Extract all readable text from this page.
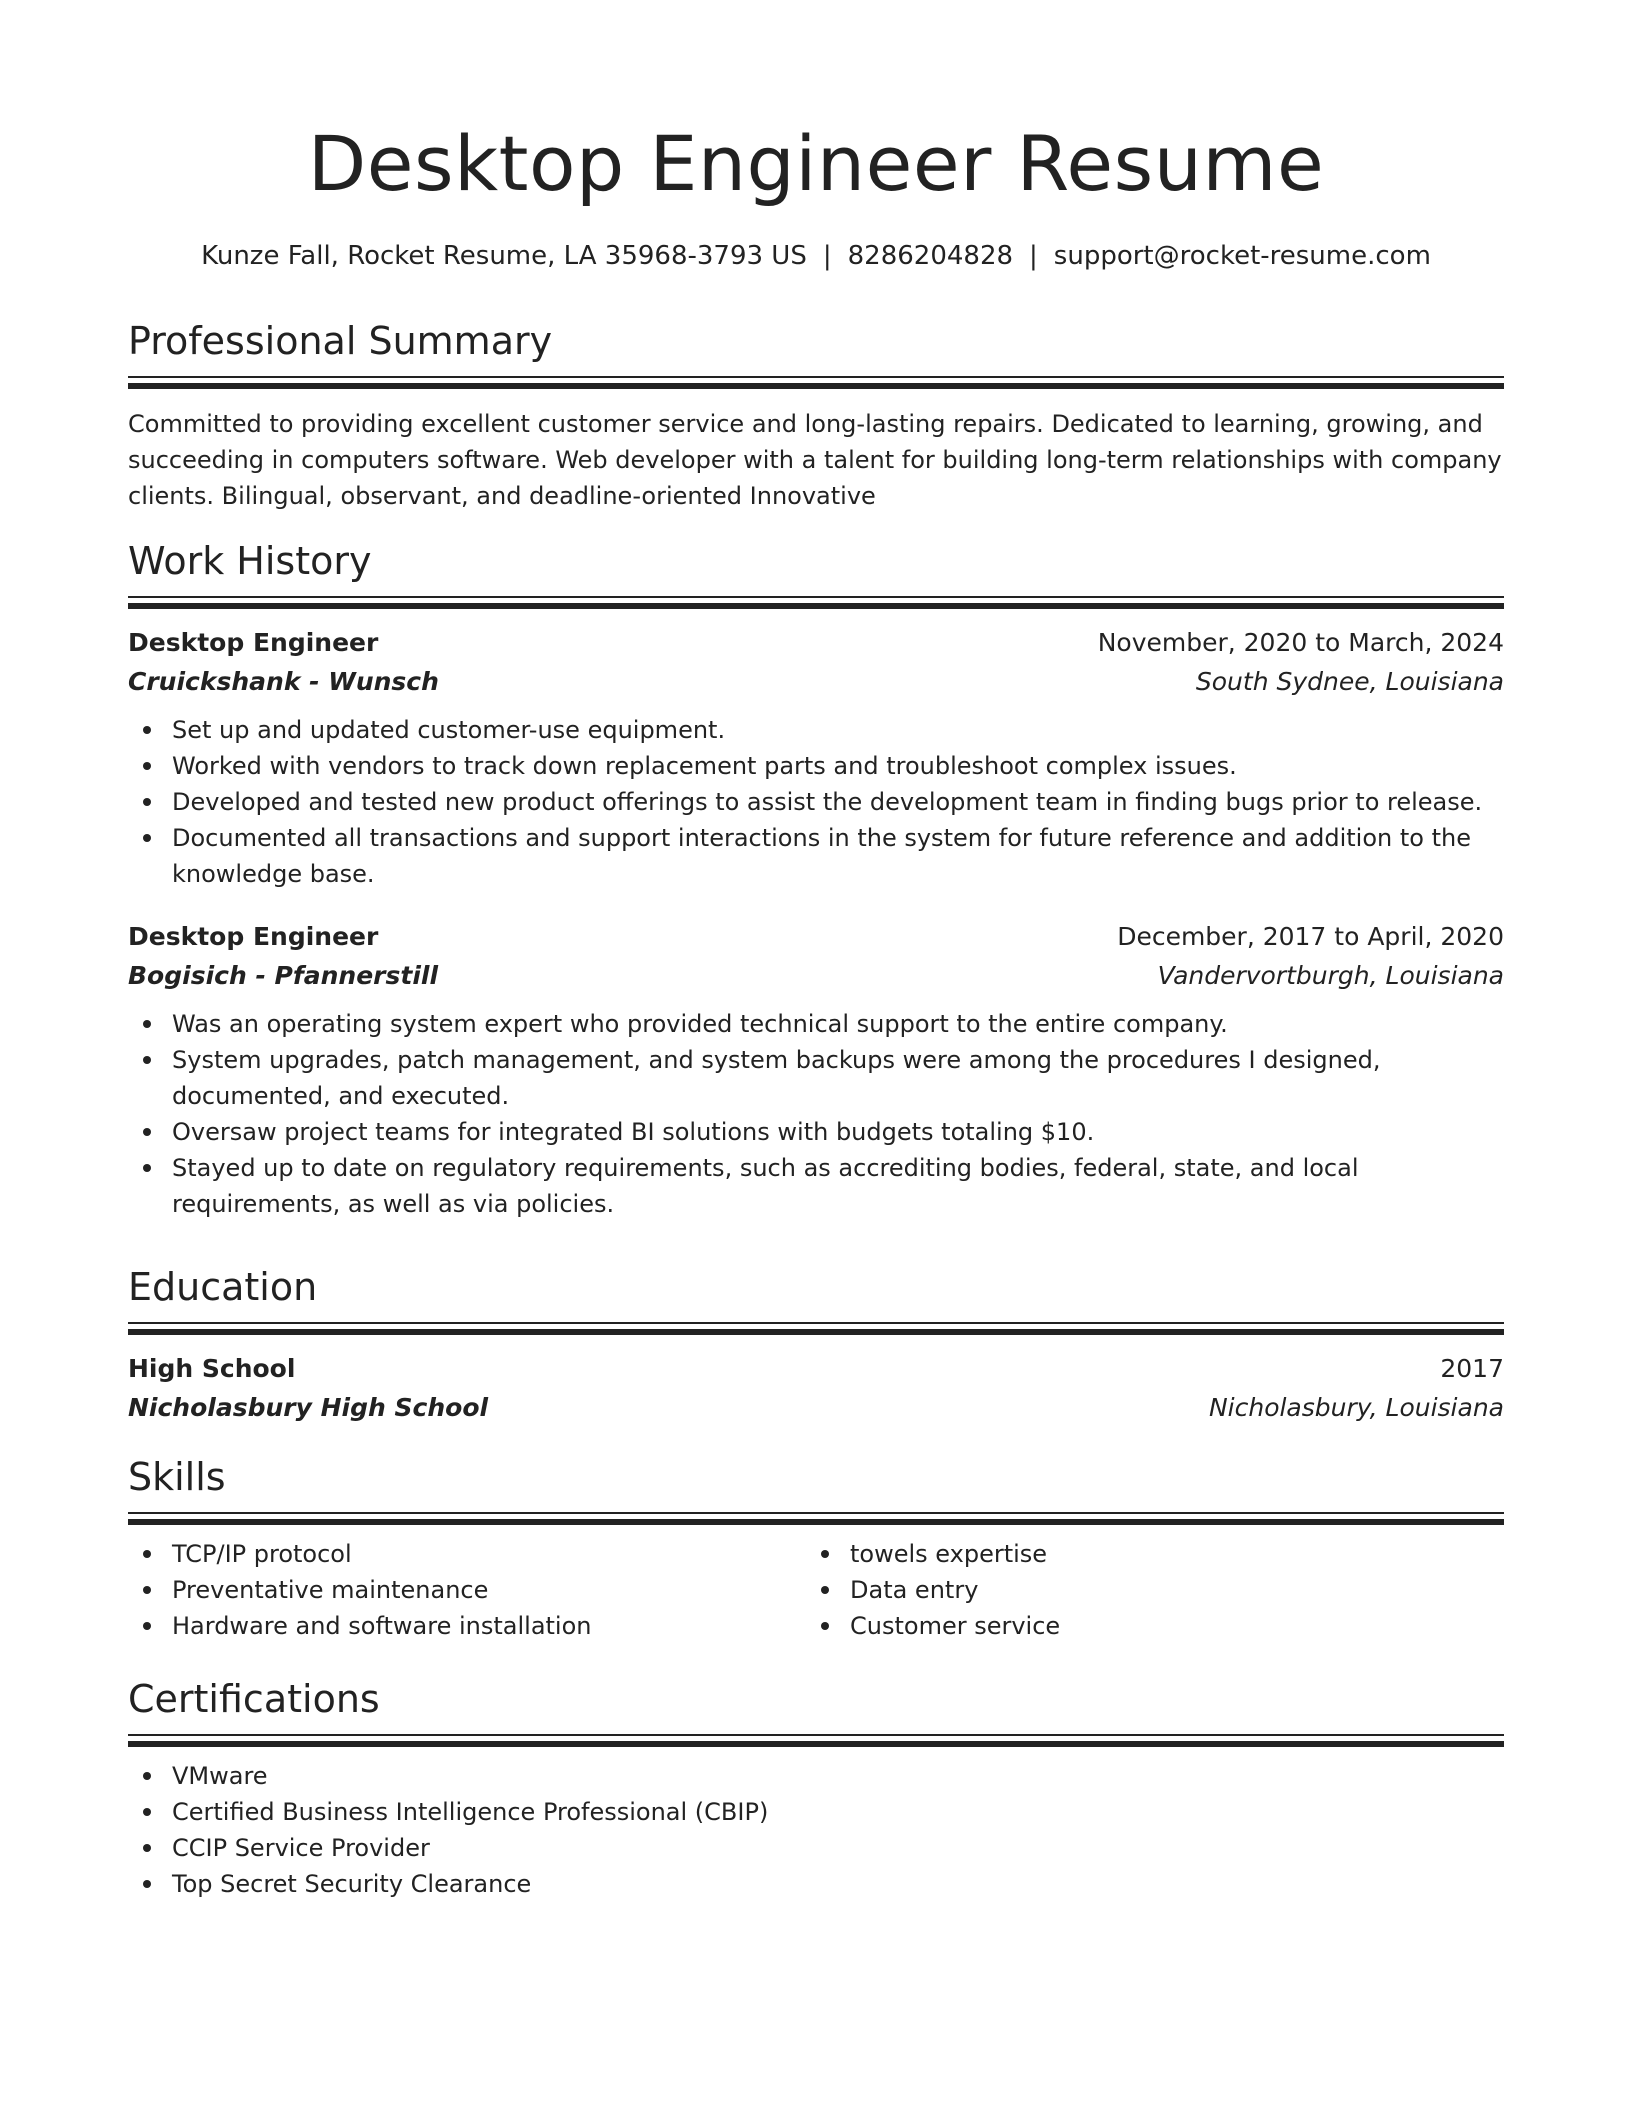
Desktop Engineer Resume
Kunze Fall, Rocket Resume, LA 35968-3793 US | 8286204828 | support@rocket-resume.com
Professional Summary

Committed to providing excellent customer service and long-lasting repairs. Dedicated to learning, growing, and succeeding in computers software. Web developer with a talent for building long-term relationships with company clients. Bilingual, observant, and deadline-oriented Innovative

Work History
Desktop Engineer	November, 2020 to March, 2024
Cruickshank - Wunsch	South Sydnee, Louisiana
Set up and updated customer-use equipment.
Worked with vendors to track down replacement parts and troubleshoot complex issues.
Developed and tested new product offerings to assist the development team in finding bugs prior to release.
Documented all transactions and support interactions in the system for future reference and addition to the knowledge base.
Desktop Engineer	December, 2017 to April, 2020
Bogisich - Pfannerstill	Vandervortburgh, Louisiana
Was an operating system expert who provided technical support to the entire company.
System upgrades, patch management, and system backups were among the procedures I designed, documented, and executed.
Oversaw project teams for integrated BI solutions with budgets totaling $10.
Stayed up to date on regulatory requirements, such as accrediting bodies, federal, state, and local requirements, as well as via policies.
Education
High School	2017
Nicholasbury High School	Nicholasbury, Louisiana
Skills
TCP/IP protocol
Preventative maintenance
Hardware and software installation
towels expertise
Data entry
Customer service
Certifications
VMware
Certified Business Intelligence Professional (CBIP)
CCIP Service Provider
Top Secret Security Clearance
